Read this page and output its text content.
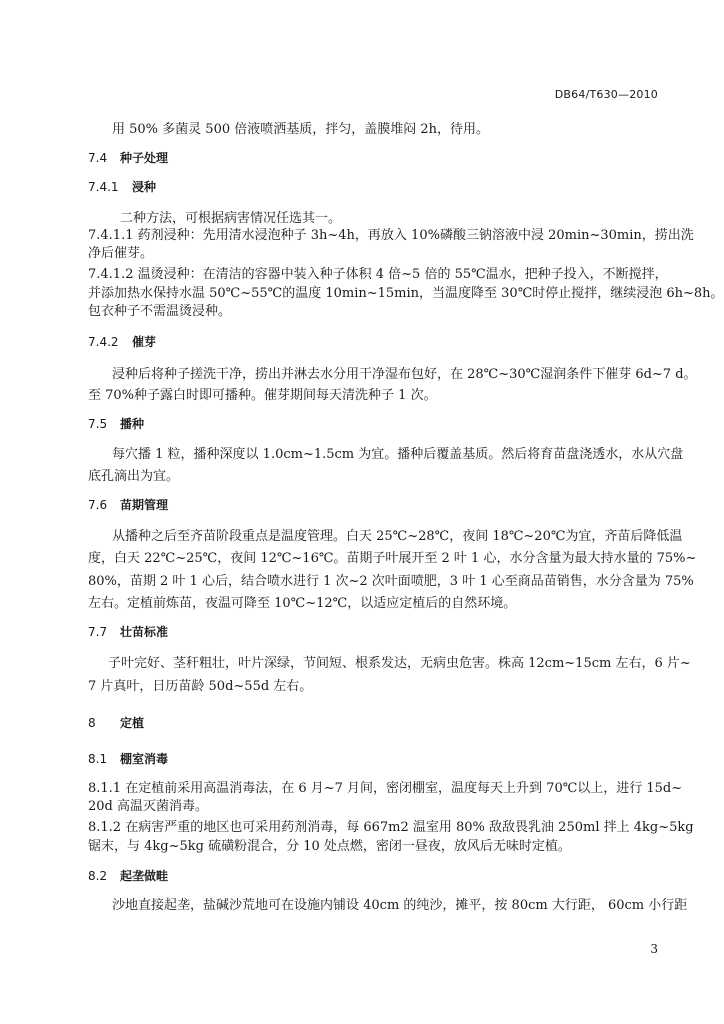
DB64/T630—2010

用 50% 多菌灵 500 倍液喷洒基质，拌匀，盖膜堆闷 2h，待用。

7.4 种子处理
7.4.1 浸种

二种方法，可根据病害情况任选其一。

7.4.1.1 药剂浸种：先用清水浸泡种子 3h~4h，再放入 10%磷酸三钠溶液中浸 20min~30min，捞出洗

净后催芽。

7.4.1.2 温烫浸种：在清洁的容器中装入种子体积 4 倍~5 倍的 55℃温水，把种子投入，不断搅拌，

并添加热水保持水温 50℃~55℃的温度 10min~15min，当温度降至 30℃时停止搅拌，继续浸泡 6h~8h。

包衣种子不需温烫浸种。

7.4.2 催芽

浸种后将种子搓洗干净，捞出并淋去水分用干净湿布包好，在 28℃~30℃湿润条件下催芽 6d~7 d。

至 70%种子露白时即可播种。催芽期间每天清洗种子 1 次。

7.5 播种

每穴播 1 粒，播种深度以 1.0cm~1.5cm 为宜。播种后覆盖基质。然后将育苗盘浇透水，水从穴盘

底孔滴出为宜。

7.6 苗期管理

从播种之后至齐苗阶段重点是温度管理。白天 25℃~28℃，夜间 18℃~20℃为宜，齐苗后降低温

度，白天 22℃~25℃，夜间 12℃~16℃。苗期子叶展开至 2 叶 1 心，水分含量为最大持水量的 75%~

80%，苗期 2 叶 1 心后，结合喷水进行 1 次~2 次叶面喷肥，3 叶 1 心至商品苗销售，水分含量为 75%

左右。定植前炼苗，夜温可降至 10℃~12℃，以适应定植后的自然环境。

7.7 壮苗标准

子叶完好、茎秆粗壮，叶片深绿，节间短、根系发达，无病虫危害。株高 12cm~15cm 左右，6 片~

7 片真叶，日历苗龄 50d~55d 左右。

8 定植
8.1 棚室消毒

8.1.1 在定植前采用高温消毒法，在 6 月~7 月间，密闭棚室，温度每天上升到 70℃以上，进行 15d~

20d 高温灭菌消毒。

8.1.2 在病害严重的地区也可采用药剂消毒，每 667m2 温室用 80% 敌敌畏乳油 250ml 拌上 4kg~5kg

锯末，与 4kg~5kg 硫磺粉混合，分 10 处点燃，密闭一昼夜，放风后无味时定植。

8.2 起垄做畦

沙地直接起垄，盐碱沙荒地可在设施内铺设 40cm 的纯沙，摊平，按 80cm 大行距， 60cm 小行距

3
